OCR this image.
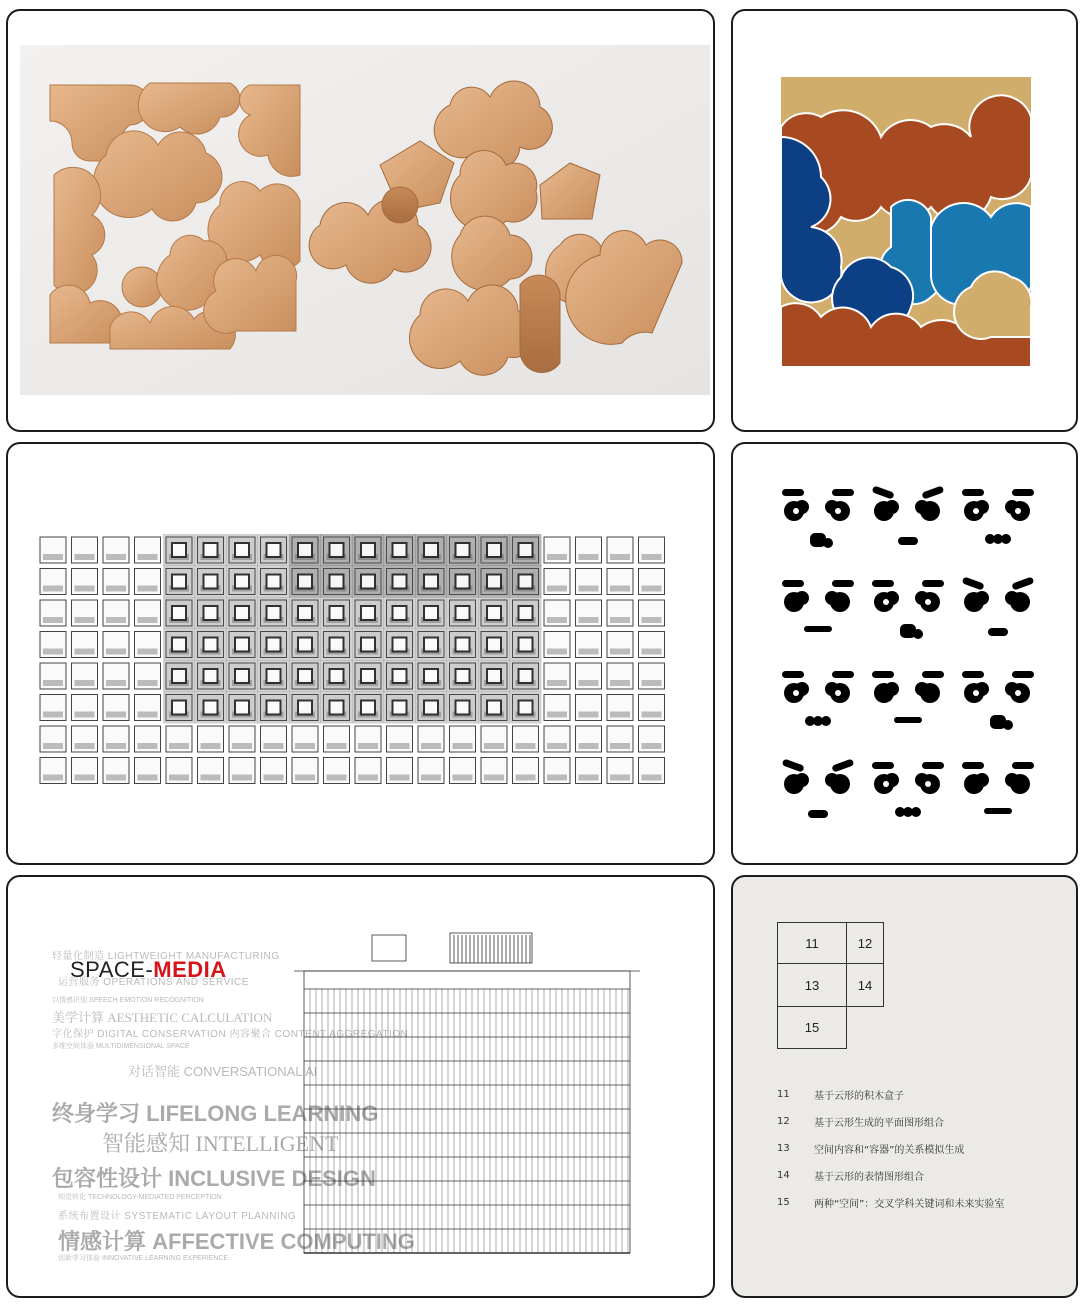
轻量化制造 LIGHTWEIGHT MANUFACTURING
运营服务 OPERATIONS AND SERVICE
以情感识别 SPEECH EMOTION RECOGNITION
美学计算 AESTHETIC CALCULATION
字化保护 DIGITAL CONSERVATION 内容聚合 CONTENT AGGREGATION
多维空间体验 MULTIDIMENSIONAL SPACE
对话智能 CONVERSATIONAL AI
终身学习 LIFELONG LEARNING
智能感知 INTELLIGENT
包容性设计 INCLUSIVE DESIGN
知觉转化 TECHNOLOGY-MEDIATED PERCEPTION
系统布置设计 SYSTEMATIC LAYOUT PLANNING
情感计算 AFFECTIVE COMPUTING
创新学习体验 INNOVATIVE LEARNING EXPERIENCE
SPACE-MEDIA
11	12
13	14
15
11	基于云形的积木盒子
12	基于云形生成的平面图形组合
13	空间内容和“容器”的关系模拟生成
14	基于云形的表情图形组合
15	两种“空间”：交叉学科关键词和未来实验室
